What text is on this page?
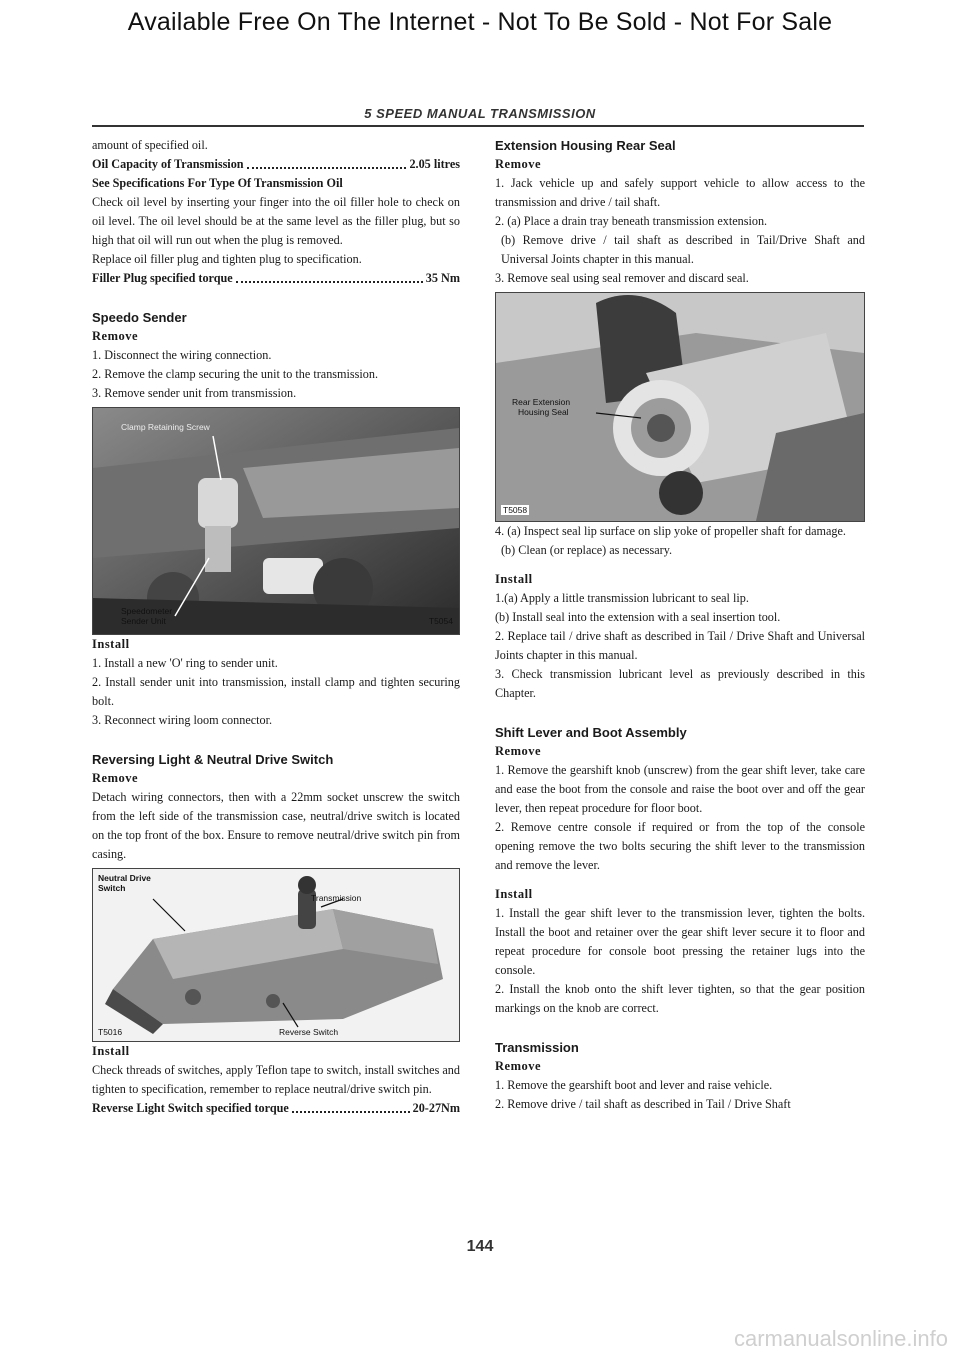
Available Free On The Internet - Not To Be Sold - Not For Sale
5 SPEED MANUAL TRANSMISSION

amount of specified oil.

Oil Capacity of Transmission	2.05 litres

See Specifications For Type Of Transmission Oil

Check oil level by inserting your finger into the oil filler hole to check on oil level. The oil level should be at the same level as the filler plug, but so high that oil will run out when the plug is removed.

Replace oil filler plug and tighten plug to specification.

Filler Plug specified torque	35 Nm
Speedo Sender
Remove

1. Disconnect the wiring connection.

2. Remove the clamp securing the unit to the transmission.

3. Remove sender unit from transmission.

Clamp Retaining Screw
Speedometer
Sender Unit	T5054
Install

1. Install a new 'O' ring to sender unit.

2. Install sender unit into transmission, install clamp and tighten securing bolt.

3. Reconnect wiring loom connector.

Reversing Light & Neutral Drive Switch
Remove

Detach wiring connectors, then with a 22mm socket unscrew the switch from the left side of the transmission case, neutral/drive switch is located on the top front of the box. Ensure to remove neutral/drive switch pin from casing.

Neutral Drive
Switch
Transmission
Reverse Switch
T5016
Install

Check threads of switches, apply Teflon tape to switch, install switches and tighten to specification, remember to replace neutral/drive switch pin.

Reverse Light Switch specified torque	20-27Nm
Extension Housing Rear Seal
Remove

1. Jack vehicle up and safely support vehicle to allow access to the transmission and drive / tail shaft.

2. (a) Place a drain tray beneath transmission extension.

(b) Remove drive / tail shaft as described in Tail/Drive Shaft and Universal Joints chapter in this manual.

3. Remove seal using seal remover and discard seal.

Rear Extension
Housing Seal
T5058

4. (a) Inspect seal lip surface on slip yoke of propeller shaft for damage.

(b) Clean (or replace) as necessary.

Install

1.(a) Apply a little transmission lubricant to seal lip.

(b) Install seal into the extension with a seal insertion tool.

2. Replace tail / drive shaft as described in Tail / Drive Shaft and Universal Joints chapter in this manual.

3. Check transmission lubricant level as previously described in this Chapter.

Shift Lever and Boot Assembly
Remove

1. Remove the gearshift knob (unscrew) from the gear shift lever, take care and ease the boot from the console and raise the boot over and off the gear lever, then repeat procedure for floor boot.

2. Remove centre console if required or from the top of the console opening remove the two bolts securing the shift lever to the transmission and remove the lever.

Install

1. Install the gear shift lever to the transmission lever, tighten the bolts. Install the boot and retainer over the gear shift lever secure it to floor and repeat procedure for console boot pressing the retainer lugs into the console.

2. Install the knob onto the shift lever tighten, so that the gear position markings on the knob are correct.

Transmission
Remove

1. Remove the gearshift boot and lever and raise vehicle.

2. Remove drive / tail shaft as described in Tail / Drive Shaft

144
carmanualsonline.info
